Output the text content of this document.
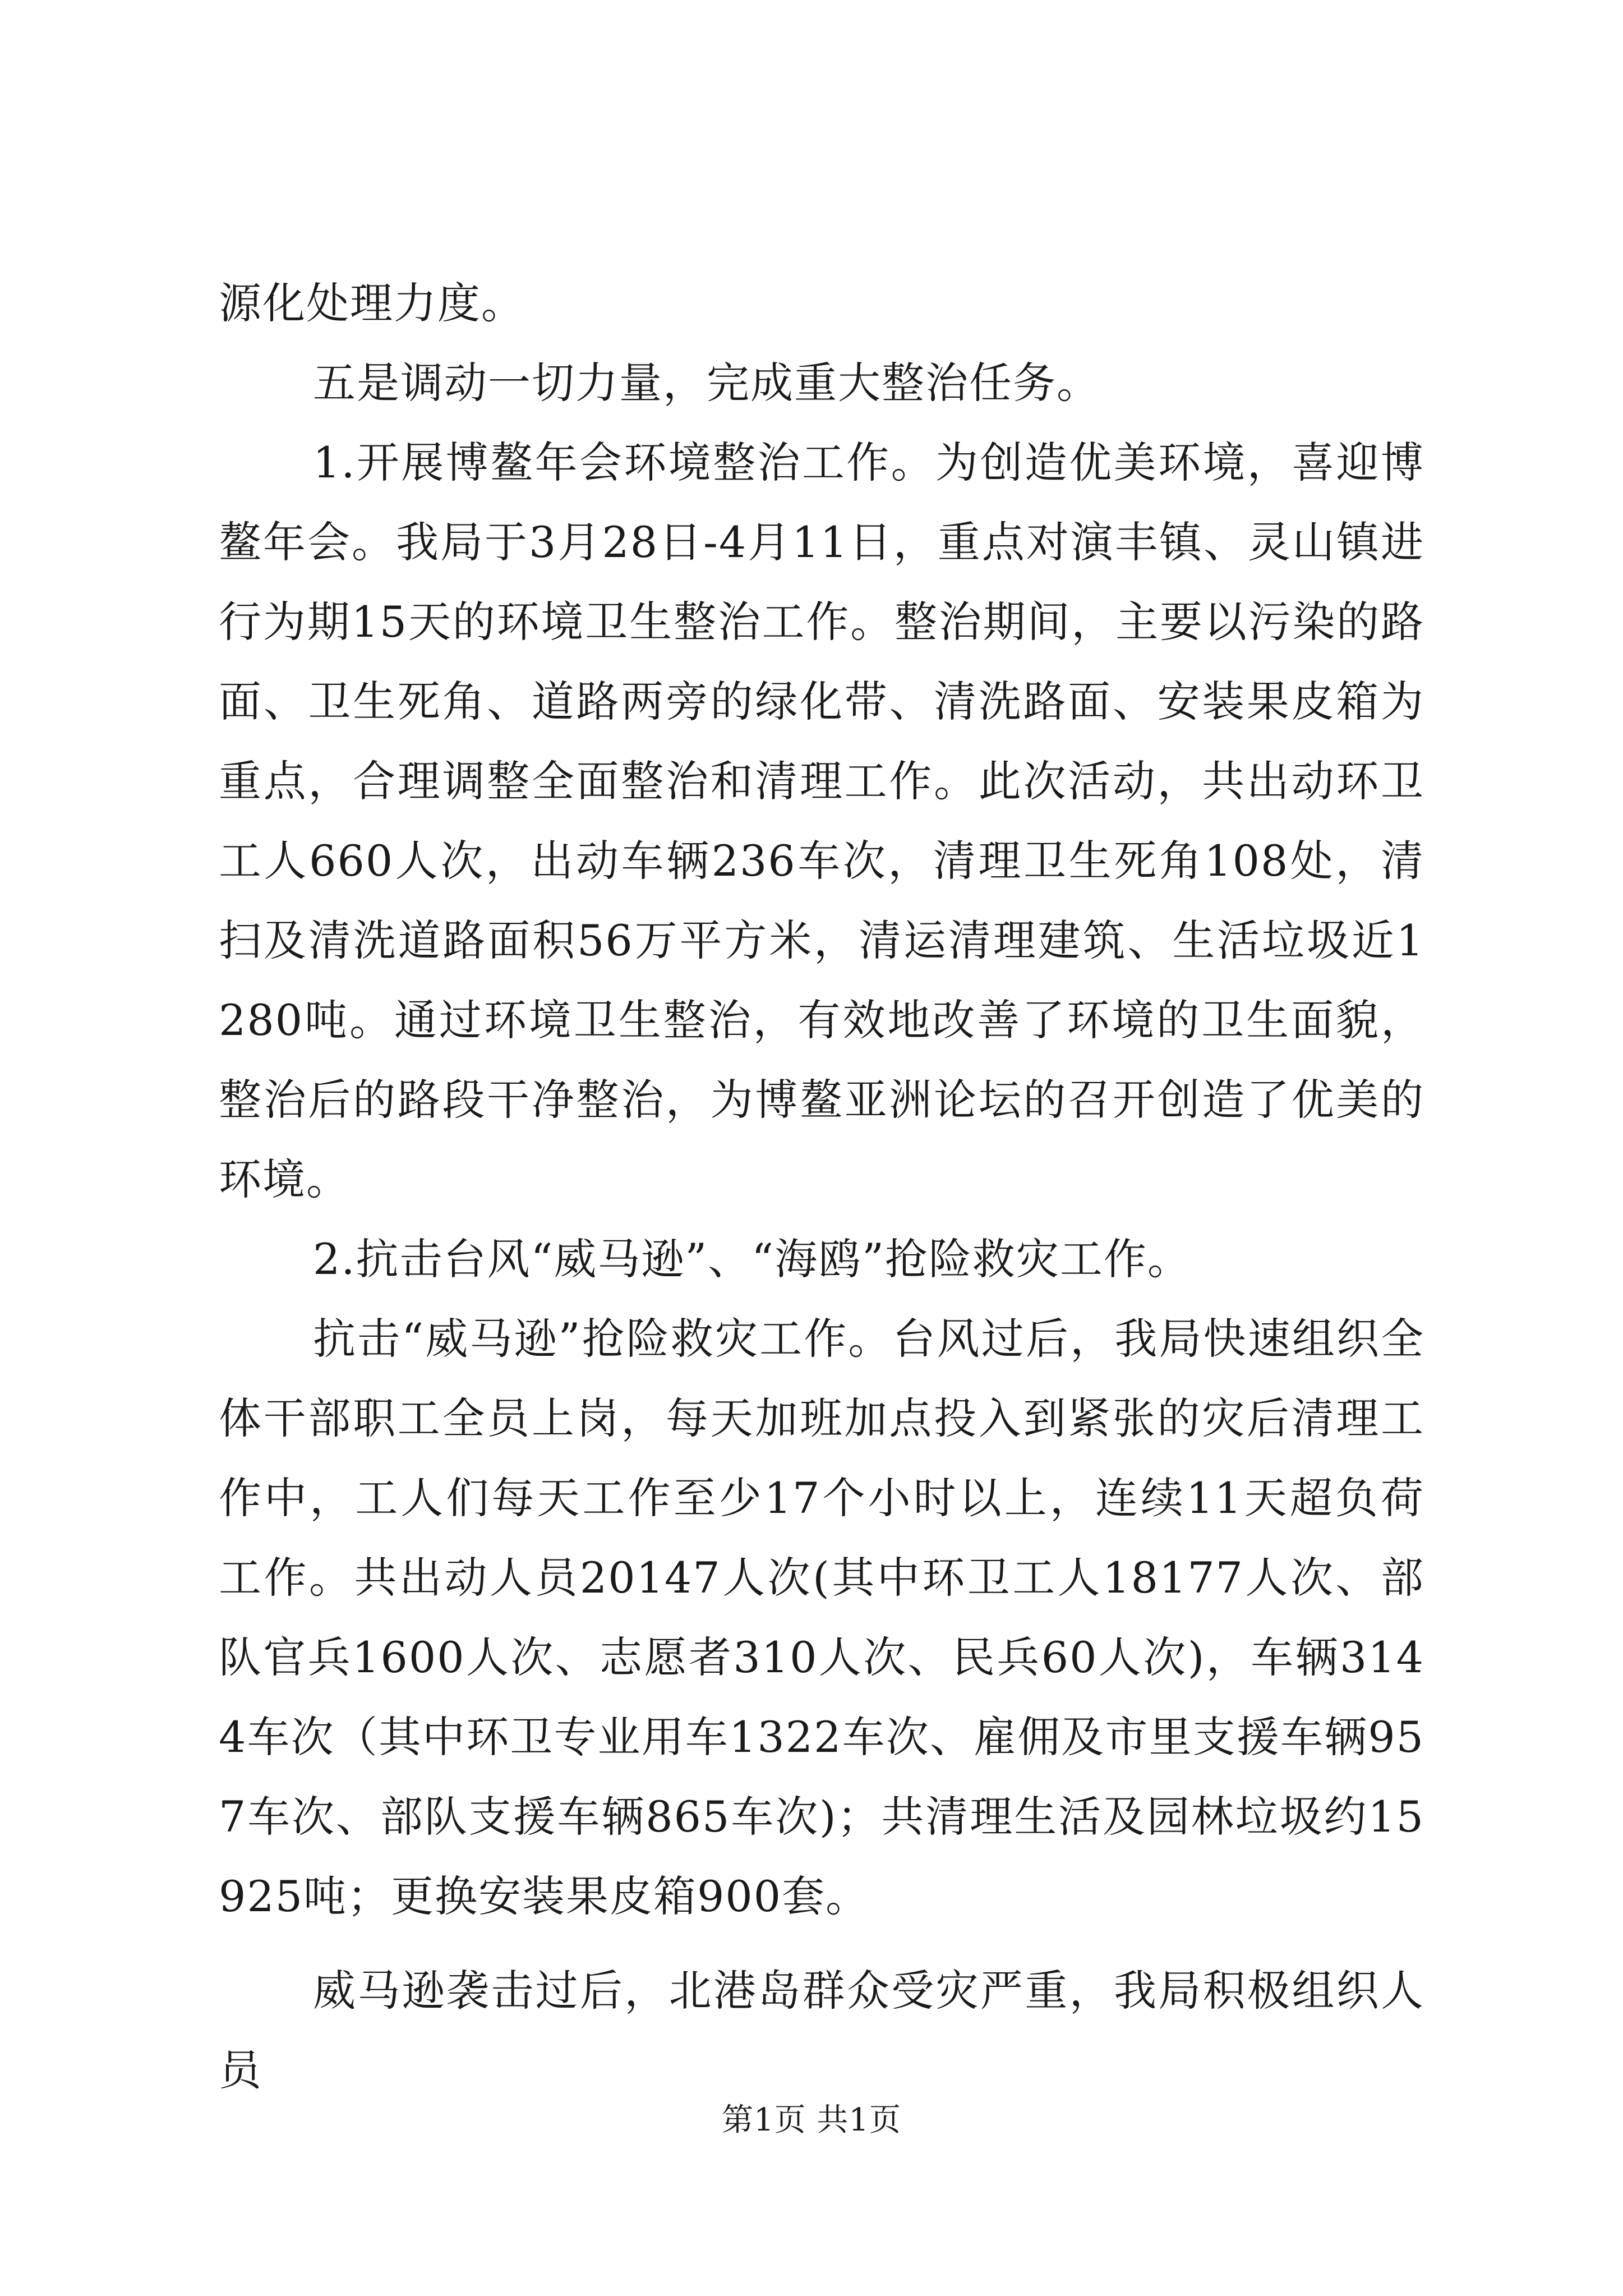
源化处理力度。

五是调动一切力量，完成重大整治任务。

1.开展博鳌年会环境整治工作。为创造优美环境，喜迎博鳌年会。我局于3月28日-4月11日，重点对演丰镇、灵山镇进行为期15天的环境卫生整治工作。整治期间，主要以污染的路面、卫生死角、道路两旁的绿化带、清洗路面、安装果皮箱为重点，合理调整全面整治和清理工作。此次活动，共出动环卫工人660人次，出动车辆236车次，清理卫生死角108处，清扫及清洗道路面积56万平方米，清运清理建筑、生活垃圾近1280吨。通过环境卫生整治，有效地改善了环境的卫生面貌，整治后的路段干净整治，为博鳌亚洲论坛的召开创造了优美的环境。

2.抗击台风“威马逊”、“海鸥”抢险救灾工作。

抗击“威马逊”抢险救灾工作。台风过后，我局快速组织全体干部职工全员上岗，每天加班加点投入到紧张的灾后清理工作中，工人们每天工作至少17个小时以上，连续11天超负荷工作。共出动人员20147人次(其中环卫工人18177人次、部队官兵1600人次、志愿者310人次、民兵60人次)，车辆3144车次（其中环卫专业用车1322车次、雇佣及市里支援车辆957车次、部队支援车辆865车次)；共清理生活及园林垃圾约15925吨；更换安装果皮箱900套。

威马逊袭击过后，北港岛群众受灾严重，我局积极组织人员

第1页 共1页
